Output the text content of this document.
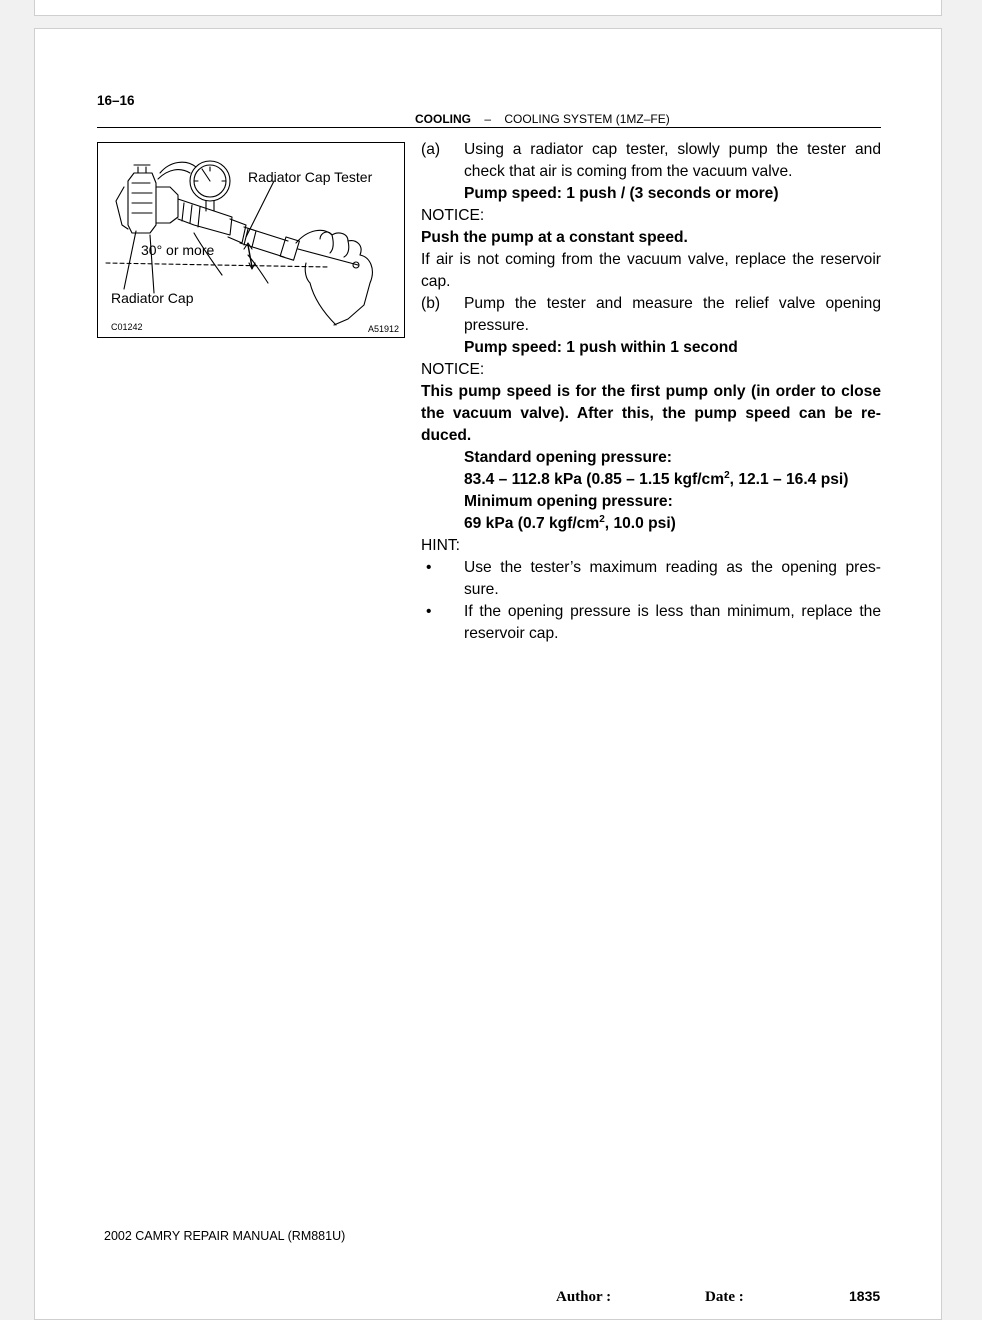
16–16
COOLING – COOLING SYSTEM (1MZ–FE)
Radiator Cap Tester
30° or more
Radiator Cap
C01242	A51912
(a)	Using a radiator cap tester, slowly pump the tester and check that air is coming from the vacuum valve.
Pump speed: 1 push / (3 seconds or more)
NOTICE:
Push the pump at a constant speed.
If air is not coming from the vacuum valve, replace the reservoir cap.
(b)	Pump the tester and measure the relief valve opening pressure.
Pump speed: 1 push within 1 second
NOTICE:
This pump speed is for the first pump only (in order to close the vacuum valve). After this, the pump speed can be re-duced.
Standard opening pressure:
83.4 – 112.8 kPa (0.85 – 1.15 kgf/$cm^2$, 12.1 – 16.4 psi)
Minimum opening pressure:
69 kPa (0.7 kgf/$cm^2$, 10.0 psi)
HINT:
•	Use the tester’s maximum reading as the opening pres-sure.
•	If the opening pressure is less than minimum, replace the reservoir cap.
2002 CAMRY REPAIR MANUAL (RM881U)
Author :	Date :	1835
